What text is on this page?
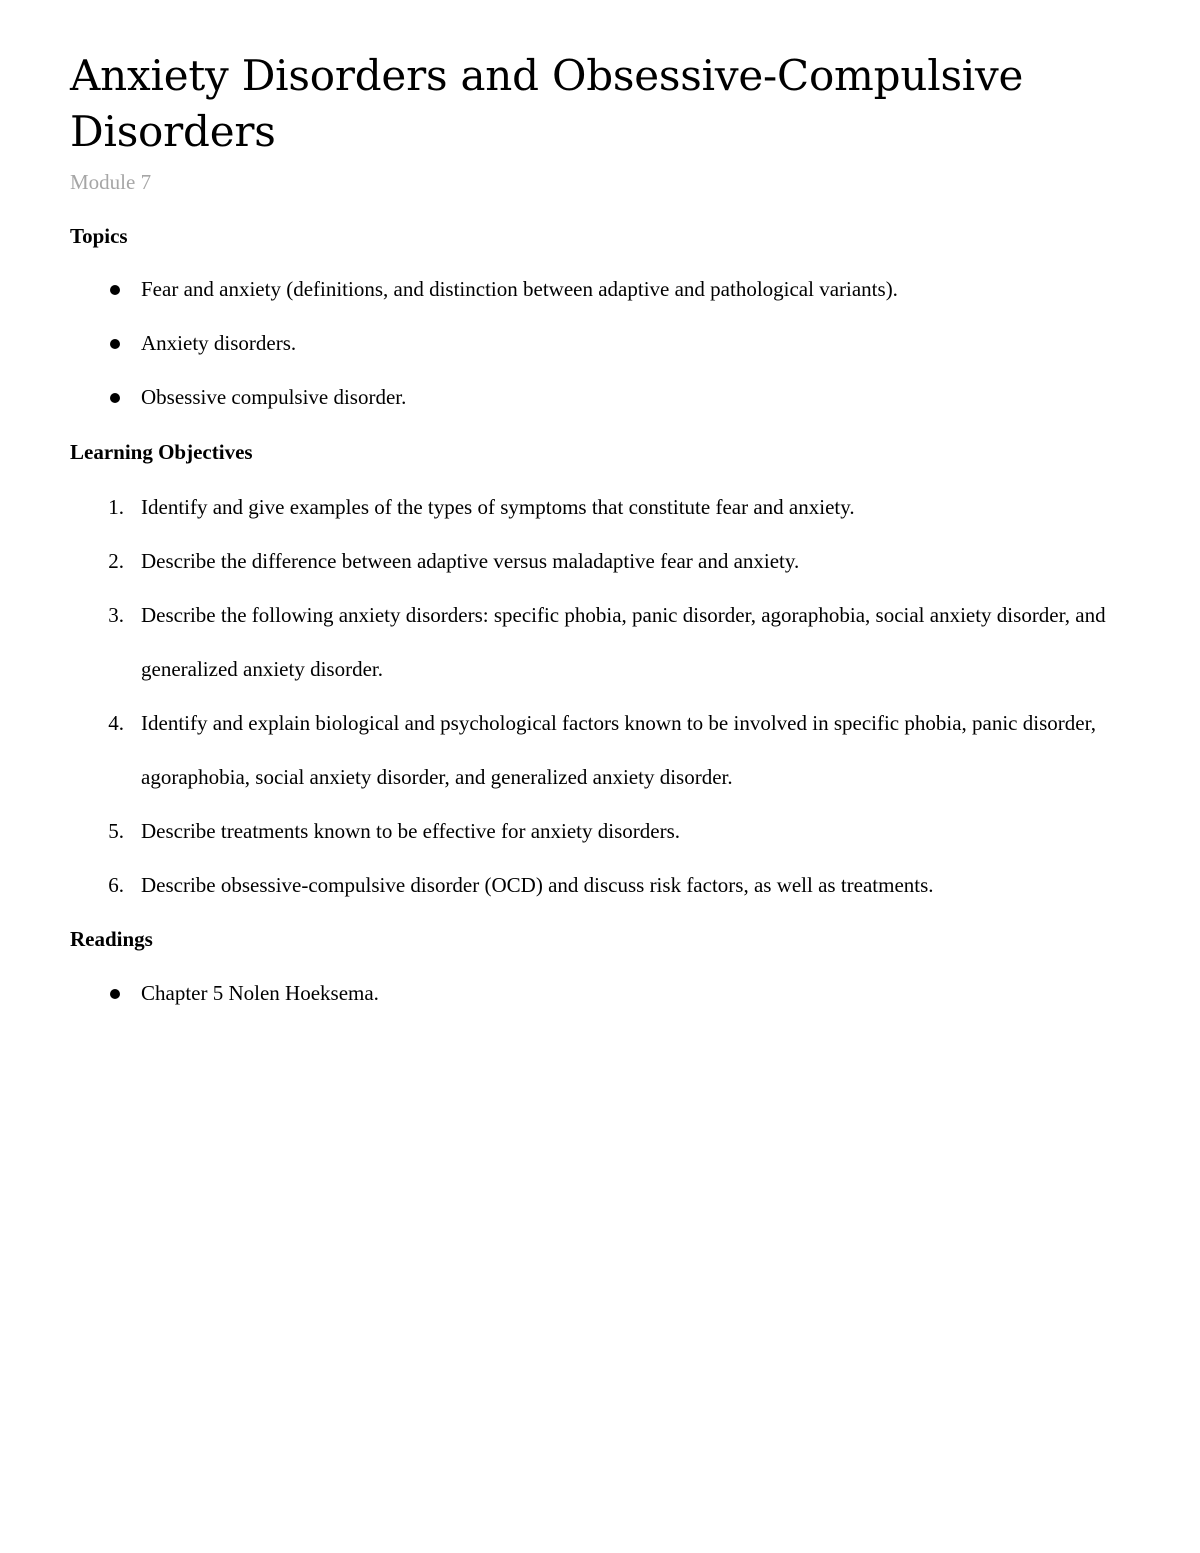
Anxiety Disorders and Obsessive-Compulsive Disorders

Module 7

Topics
Fear and anxiety (definitions, and distinction between adaptive and pathological variants).
Anxiety disorders.
Obsessive compulsive disorder.
Learning Objectives
1. Identify and give examples of the types of symptoms that constitute fear and anxiety.
2. Describe the difference between adaptive versus maladaptive fear and anxiety.
3. Describe the following anxiety disorders: specific phobia, panic disorder, agoraphobia, social anxiety disorder, and generalized anxiety disorder.
4. Identify and explain biological and psychological factors known to be involved in specific phobia, panic disorder, agoraphobia, social anxiety disorder, and generalized anxiety disorder.
5. Describe treatments known to be effective for anxiety disorders.
6. Describe obsessive-compulsive disorder (OCD) and discuss risk factors, as well as treatments.
Readings
Chapter 5 Nolen Hoeksema.
